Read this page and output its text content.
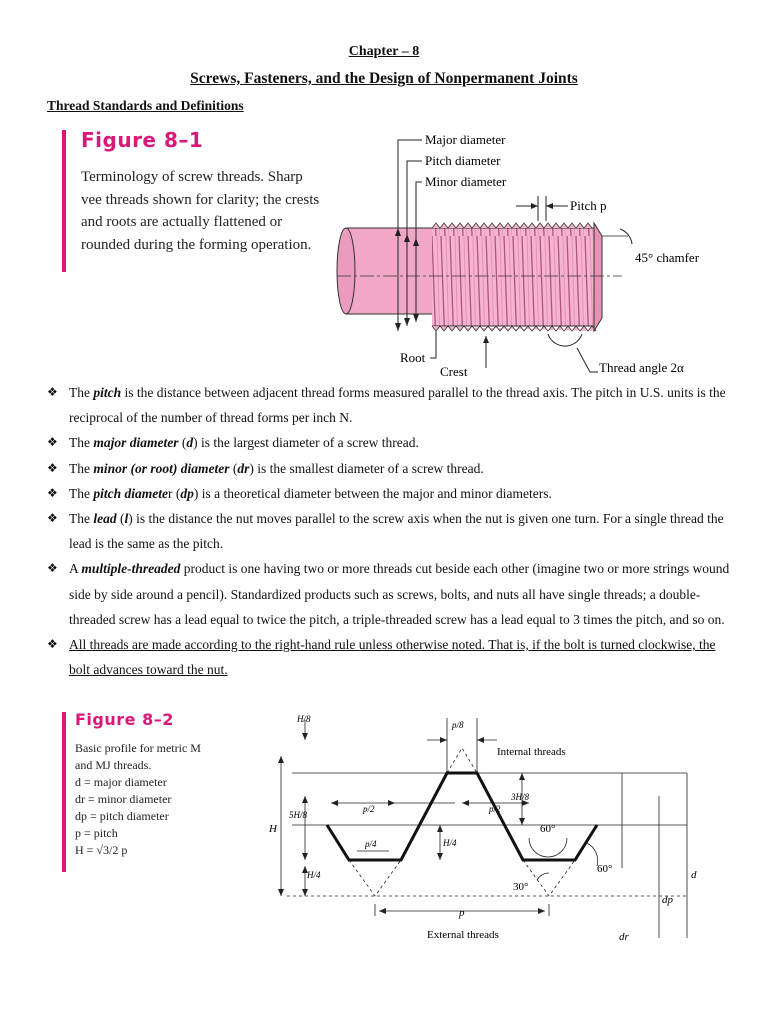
Chapter – 8
Screws, Fasteners, and the Design of Nonpermanent Joints
Thread Standards and Definitions
Figure 8–1
Terminology of screw threads. Sharp vee threads shown for clarity; the crests and roots are actually flattened or rounded during the forming operation.
Major diameter
Pitch diameter
Minor diameter
Pitch p
45° chamfer
Root
Crest	Thread angle 2α
❖ The pitch is the distance between adjacent thread forms measured parallel to the thread axis. The pitch in U.S. units is the reciprocal of the number of thread forms per inch N.
❖ The major diameter (d) is the largest diameter of a screw thread.
❖ The minor (or root) diameter (dr) is the smallest diameter of a screw thread.
❖ The pitch diameter (dp) is a theoretical diameter between the major and minor diameters.
❖ The lead (l) is the distance the nut moves parallel to the screw axis when the nut is given one turn. For a single thread the lead is the same as the pitch.
❖ A multiple-threaded product is one having two or more threads cut beside each other (imagine two or more strings wound side by side around a pencil). Standardized products such as screws, bolts, and nuts all have single threads; a double-threaded screw has a lead equal to twice the pitch, a triple-threaded screw has a lead equal to 3 times the pitch, and so on.
❖ All threads are made according to the right-hand rule unless otherwise noted. That is, if the bolt is turned clockwise, the bolt advances toward the nut.
Figure 8–2
Basic profile for metric M
and MJ threads.
d = major diameter
dr = minor diameter
dp = pitch diameter
p = pitch
H = √3/2 p
Internal threads
External threads
H/8
H
5H/8
H/4
H/4
3H/8
p/8
p/2	p/2
p/4
p
60°
60°
30°
d
dp
dr
